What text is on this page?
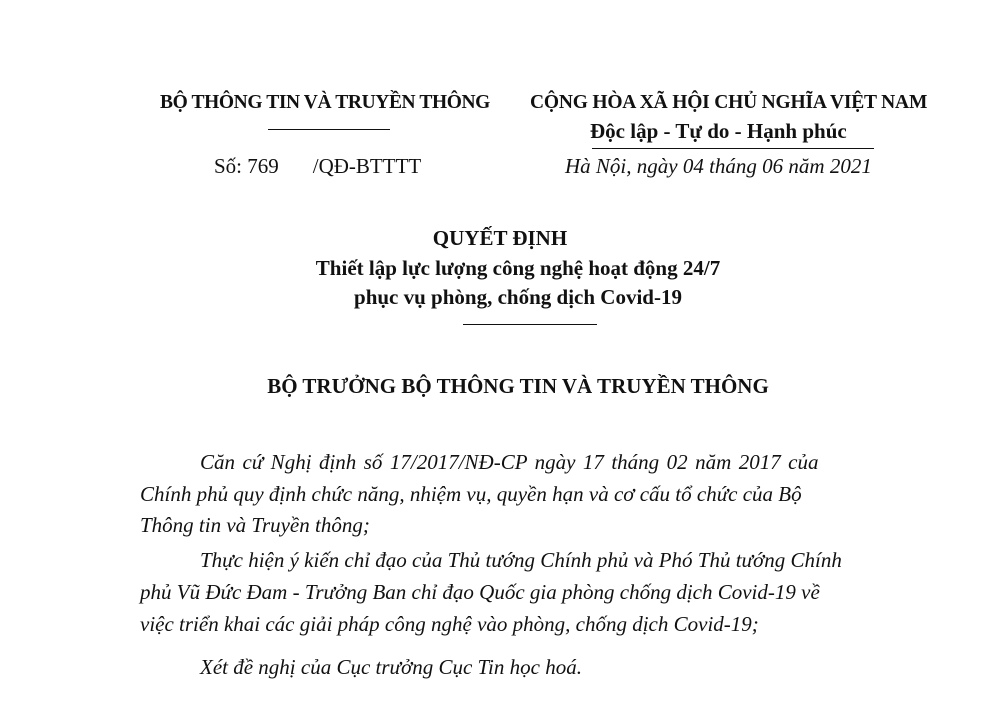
BỘ THÔNG TIN VÀ TRUYỀN THÔNG
Số: 769 /QĐ-BTTTT
CỘNG HÒA XÃ HỘI CHỦ NGHĨA VIỆT NAM
Độc lập - Tự do - Hạnh phúc
Hà Nội, ngày 04 tháng 06 năm 2021
QUYẾT ĐỊNH
Thiết lập lực lượng công nghệ hoạt động 24/7
phục vụ phòng, chống dịch Covid-19
BỘ TRƯỞNG BỘ THÔNG TIN VÀ TRUYỀN THÔNG
Căn cứ Nghị định số 17/2017/NĐ-CP ngày 17 tháng 02 năm 2017 của
Chính phủ quy định chức năng, nhiệm vụ, quyền hạn và cơ cấu tổ chức của Bộ
Thông tin và Truyền thông;
Thực hiện ý kiến chỉ đạo của Thủ tướng Chính phủ và Phó Thủ tướng Chính
phủ Vũ Đức Đam - Trưởng Ban chỉ đạo Quốc gia phòng chống dịch Covid-19 về
việc triển khai các giải pháp công nghệ vào phòng, chống dịch Covid-19;
Xét đề nghị của Cục trưởng Cục Tin học hoá.
